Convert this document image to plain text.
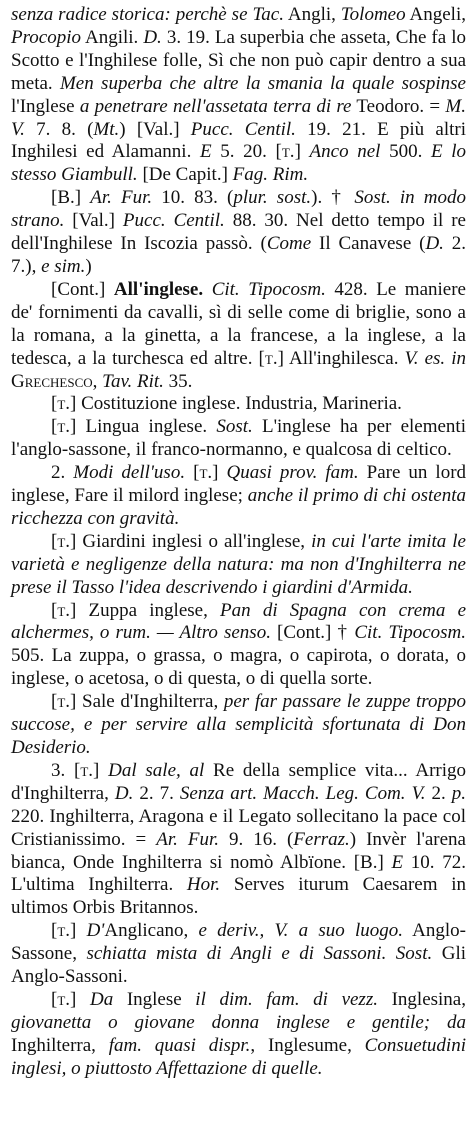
senza radice storica: perchè se Tac. Angli, Tolomeo Angeli, Procopio Angili. D. 3. 19. La superbia che asseta, Che fa lo Scotto e l'Inghilese folle, Sì che non può capir dentro a sua meta. Men superba che altre la smania la quale sospinse l'Inglese a penetrare nell'assetata terra di re Teodoro. = M. V. 7. 8. (Mt.) [Val.] Pucc. Centil. 19. 21. E più altri Inghilesi ed Alamanni. E 5. 20. [t.] Anco nel 500. E lo stesso Giambull. [De Capit.] Fag. Rim.

[B.] Ar. Fur. 10. 83. (plur. sost.). † Sost. in modo strano. [Val.] Pucc. Centil. 88. 30. Nel detto tempo il re dell'Inghilese In Iscozia passò. (Come Il Canavese (D. 2. 7.), e sim.)

[Cont.] All'inglese. Cit. Tipocosm. 428. Le maniere de' fornimenti da cavalli, sì di selle come di briglie, sono a la romana, a la ginetta, a la francese, a la inglese, a la tedesca, a la turchesca ed altre. [t.] All'inghilesca. V. es. in Grechesco, Tav. Rit. 35.

[t.] Costituzione inglese. Industria, Marineria.

[t.] Lingua inglese. Sost. L'inglese ha per elementi l'anglo-sassone, il franco-normanno, e qualcosa di celtico.

2. Modi dell'uso. [t.] Quasi prov. fam. Pare un lord inglese, Fare il milord inglese; anche il primo di chi ostenta ricchezza con gravità.

[t.] Giardini inglesi o all'inglese, in cui l'arte imita le varietà e negligenze della natura: ma non d'Inghilterra ne prese il Tasso l'idea descrivendo i giardini d'Armida.

[t.] Zuppa inglese, Pan di Spagna con crema e alchermes, o rum. — Altro senso. [Cont.] † Cit. Tipocosm. 505. La zuppa, o grassa, o magra, o capirota, o dorata, o inglese, o acetosa, o di questa, o di quella sorte.

[t.] Sale d'Inghilterra, per far passare le zuppe troppo succose, e per servire alla semplicità sfortunata di Don Desiderio.

3. [t.] Dal sale, al Re della semplice vita... Arrigo d'Inghilterra, D. 2. 7. Senza art. Macch. Leg. Com. V. 2. p. 220. Inghilterra, Aragona e il Legato sollecitano la pace col Cristianissimo. = Ar. Fur. 9. 16. (Ferraz.) Invèr l'arena bianca, Onde Inghilterra si nomò Albïone. [B.] E 10. 72. L'ultima Inghilterra. Hor. Serves iturum Caesarem in ultimos Orbis Britannos.

[t.] D'Anglicano, e deriv., V. a suo luogo. Anglo-Sassone, schiatta mista di Angli e di Sassoni. Sost. Gli Anglo-Sassoni.

[t.] Da Inglese il dim. fam. di vezz. Inglesina, giovanetta o giovane donna inglese e gentile; da Inghilterra, fam. quasi dispr., Inglesume, Consuetudini inglesi, o piuttosto Affettazione di quelle.
